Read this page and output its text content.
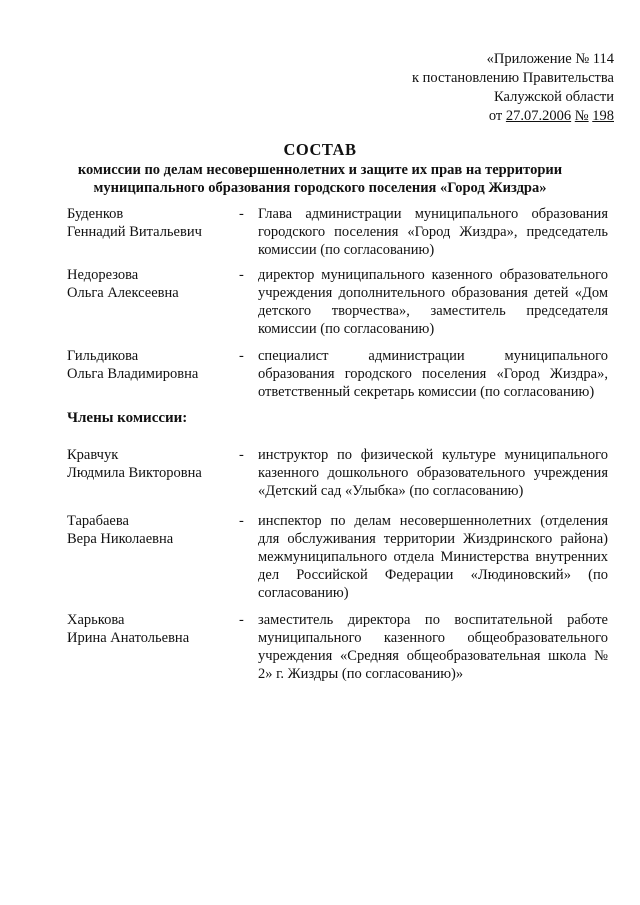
«Приложение № 114
к постановлению Правительства
Калужской области
от 27.07.2006 № 198
СОСТАВ
комиссии по делам несовершеннолетних и защите их прав на территории
муниципального образования городского поселения «Город Жиздра»
Буденков
Геннадий Витальевич
- Глава администрации муниципального образования городского поселения «Город Жиздра», председатель комиссии (по согласованию)
Недорезова
Ольга Алексеевна
- директор муниципального казенного образовательного учреждения дополнительного образования детей «Дом детского творчества», заместитель председателя комиссии (по согласованию)
Гильдикова
Ольга Владимировна
- специалист администрации муниципального образования городского поселения «Город Жиздра», ответственный секретарь комиссии (по согласованию)
Члены комиссии:
Кравчук
Людмила Викторовна
- инструктор по физической культуре муниципального казенного дошкольного образовательного учреждения «Детский сад «Улыбка» (по согласованию)
Тарабаева
Вера Николаевна
- инспектор по делам несовершеннолетних (отделения для обслуживания территории Жиздринского района) межмуниципального отдела Министерства внутренних дел Российской Федерации «Людиновский» (по согласованию)
Харькова
Ирина Анатольевна
- заместитель директора по воспитательной работе муниципального казенного общеобразовательного учреждения «Средняя общеобразовательная школа № 2» г. Жиздры (по согласованию)»
